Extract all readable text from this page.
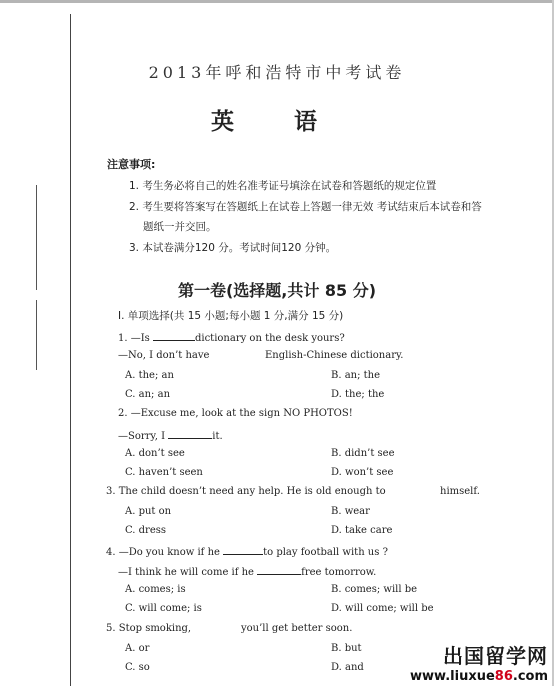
2013年呼和浩特市中考试卷
英 语
注意事项:
1. 考生务必将自己的姓名准考证号填涂在试卷和答题纸的规定位置
2. 考生要将答案写在答题纸上在试卷上答题一律无效 考试结束后本试卷和答
题纸一并交回。
3. 本试卷满分120 分。考试时间120 分钟。
第一卷(选择题,共计 85 分)
I. 单项选择(共 15 小题;每小题 1 分,满分 15 分)
1. —Is	dictionary on the desk yours?
—No, I don’t have	English-Chinese dictionary.
A. the; an	B. an; the
C. an; an	D. the; the
2. —Excuse me, look at the sign NO PHOTOS!
—Sorry, I	it.
A. don’t see	B. didn’t see
C. haven’t seen	D. won’t see
3. The child doesn’t need any help. He is old enough to	himself.
A. put on	B. wear
C. dress	D. take care
4. —Do you know if he	to play football with us ?
—I think he will come if he	free tomorrow.
A. comes; is	B. comes; will be
C. will come; is	D. will come; will be
5. Stop smoking,	you’ll get better soon.
A. or	B. but
C. so	D. and	出国留学网
www.liuxue86.com
